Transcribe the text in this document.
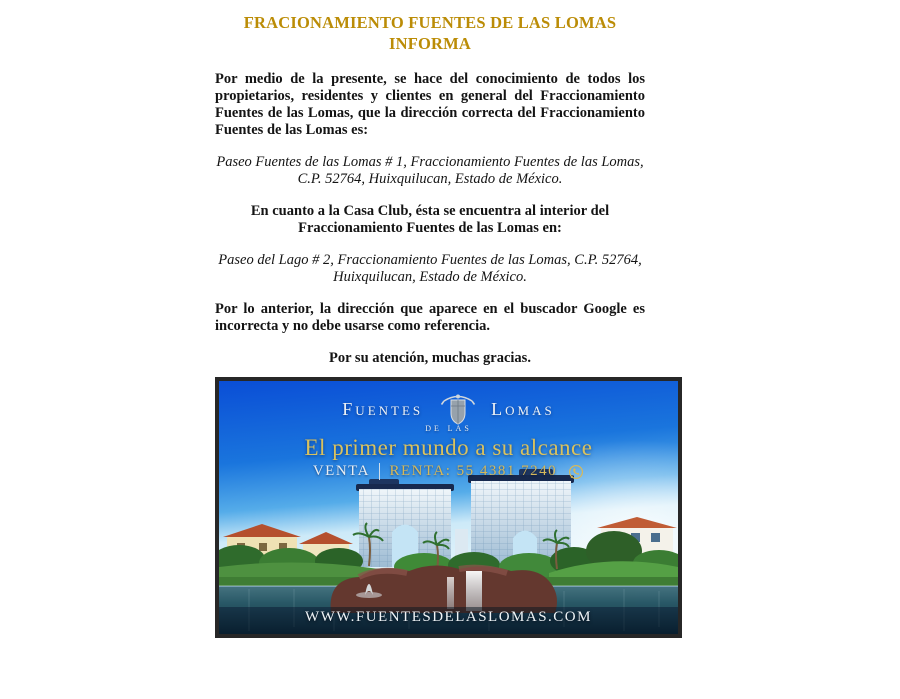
FRACIONAMIENTO FUENTES DE LAS LOMAS
INFORMA

Por medio de la presente, se hace del conocimiento de todos los propietarios, residentes y clientes en general del Fraccionamiento Fuentes de las Lomas, que la dirección correcta del Fraccionamiento Fuentes de las Lomas es:

Paseo Fuentes de las Lomas # 1, Fraccionamiento Fuentes de las Lomas, C.P. 52764, Huixquilucan, Estado de México.

En cuanto a la Casa Club, ésta se encuentra al interior del Fraccionamiento Fuentes de las Lomas en:

Paseo del Lago # 2, Fraccionamiento Fuentes de las Lomas, C.P. 52764, Huixquilucan, Estado de México.

Por lo anterior, la dirección que aparece en el buscador Google es incorrecta y no debe usarse como referencia.

Por su atención, muchas gracias.

Fuentes	Lomas
de las
El primer mundo a su alcance
VENTA RENTA: 55 4381 7240
WWW.FUENTESDELASLOMAS.COM
